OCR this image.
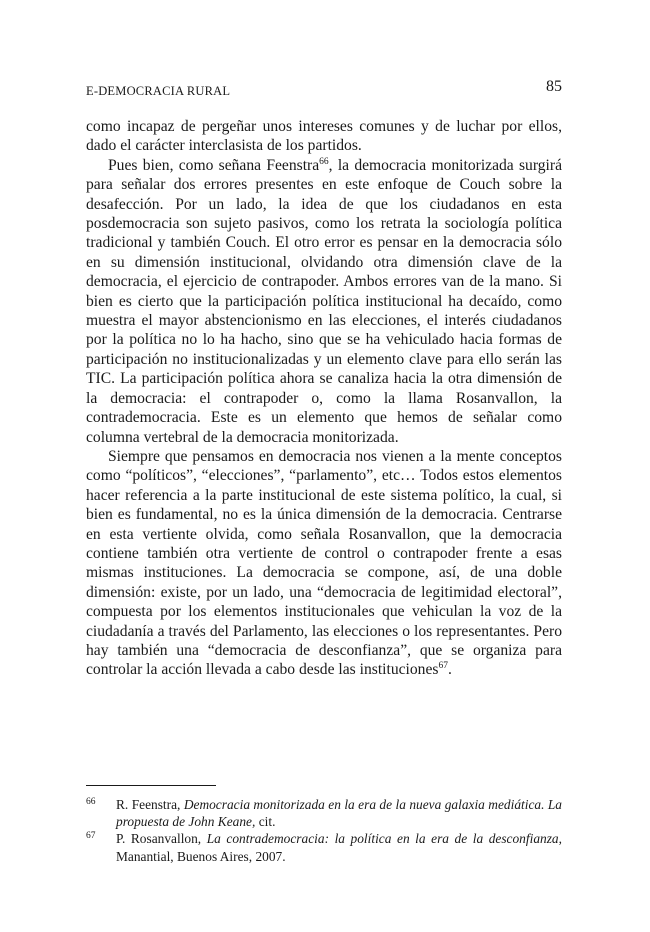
E-DEMOCRACIA RURAL	85

como incapaz de pergeñar unos intereses comunes y de luchar por ellos, dado el carácter interclasista de los partidos.

Pues bien, como señana Feenstra$^{66}$, la democracia monitorizada surgirá para señalar dos errores presentes en este enfoque de Couch sobre la desafección. Por un lado, la idea de que los ciudadanos en esta posdemocracia son sujeto pasivos, como los retrata la sociología política tradicional y también Couch. El otro error es pensar en la democracia sólo en su dimensión institucional, olvidando otra dimensión clave de la democracia, el ejercicio de contrapoder. Ambos errores van de la mano. Si bien es cierto que la participación política institucional ha decaído, como muestra el mayor abstencionismo en las elecciones, el interés ciudadanos por la política no lo ha hacho, sino que se ha vehiculado hacia formas de participación no institucionalizadas y un elemento clave para ello serán las TIC. La participación política ahora se canaliza hacia la otra dimensión de la democracia: el contrapoder o, como la llama Rosanvallon, la contrademocracia. Este es un elemento que hemos de señalar como columna vertebral de la democracia monitorizada.

Siempre que pensamos en democracia nos vienen a la mente conceptos como “políticos”, “elecciones”, “parlamento”, etc… Todos estos elementos hacer referencia a la parte institucional de este sistema político, la cual, si bien es fundamental, no es la única dimensión de la democracia. Centrarse en esta vertiente olvida, como señala Rosanvallon, que la democracia contiene también otra vertiente de control o contrapoder frente a esas mismas instituciones. La democracia se compone, así, de una doble dimensión: existe, por un lado, una “democracia de legitimidad electoral”, compuesta por los elementos institucionales que vehiculan la voz de la ciudadanía a través del Parlamento, las elecciones o los representantes. Pero hay también una “democracia de desconfianza”, que se organiza para controlar la acción llevada a cabo desde las instituciones$^{67}$.

66 R. Feenstra, Democracia monitorizada en la era de la nueva galaxia mediática. La propuesta de John Keane, cit.
67 P. Rosanvallon, La contrademocracia: la política en la era de la desconfianza, Manantial, Buenos Aires, 2007.
